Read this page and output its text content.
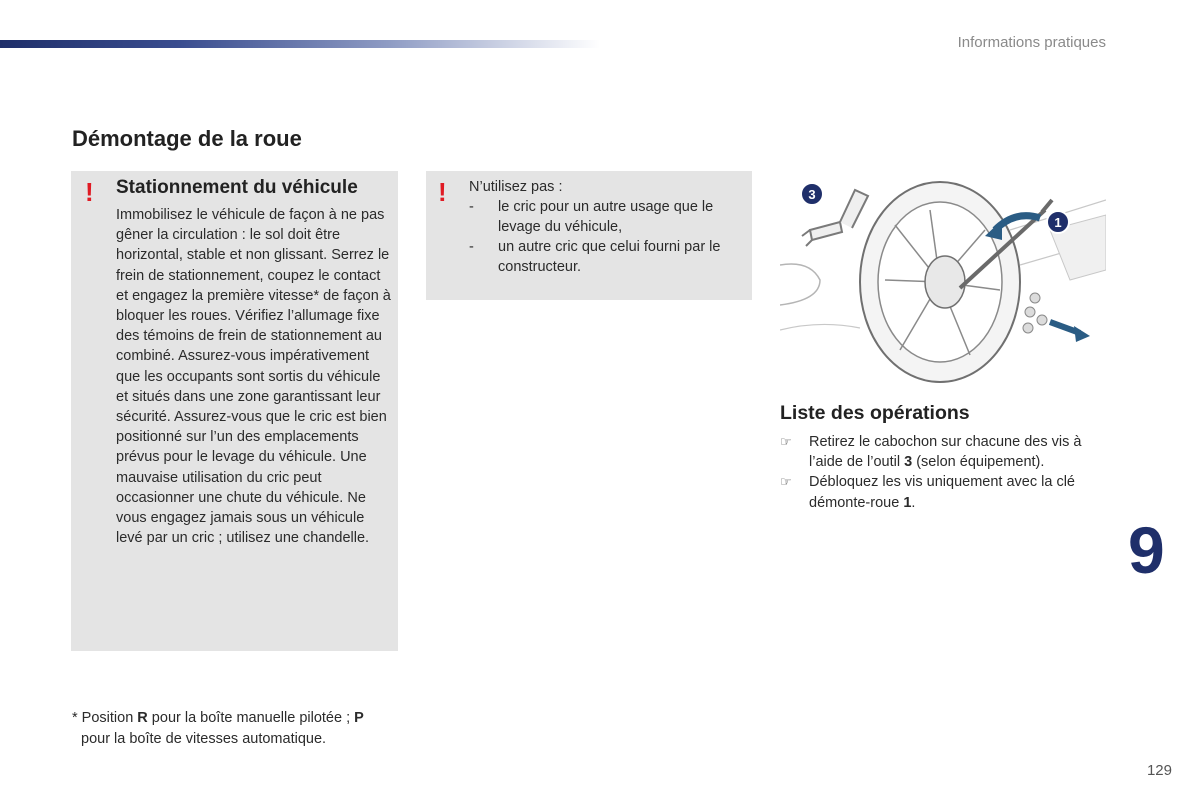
Informations pratiques
Démontage de la roue
! Stationnement du véhicule

Immobilisez le véhicule de façon à ne pas gêner la circulation : le sol doit être horizontal, stable et non glissant. Serrez le frein de stationnement, coupez le contact et engagez la première vitesse* de façon à bloquer les roues. Vérifiez l’allumage fixe des témoins de frein de stationnement au combiné. Assurez-vous impérativement que les occupants sont sortis du véhicule et situés dans une zone garantissant leur sécurité. Assurez-vous que le cric est bien positionné sur l’un des emplacements prévus pour le levage du véhicule. Une mauvaise utilisation du cric peut occasionner une chute du véhicule. Ne vous engagez jamais sous un véhicule levé par un cric ; utilisez une chandelle.

! N’utilisez pas :

- le cric pour un autre usage que le levage du véhicule,
- un autre cric que celui fourni par le constructeur.
3
1
Liste des opérations
☞ Retirez le cabochon sur chacune des vis à l’aide de l’outil 3 (selon équipement).
☞ Débloquez les vis uniquement avec la clé démonte-roue 1.
9

* Position R pour la boîte manuelle pilotée ; P
pour la boîte de vitesses automatique.

129
